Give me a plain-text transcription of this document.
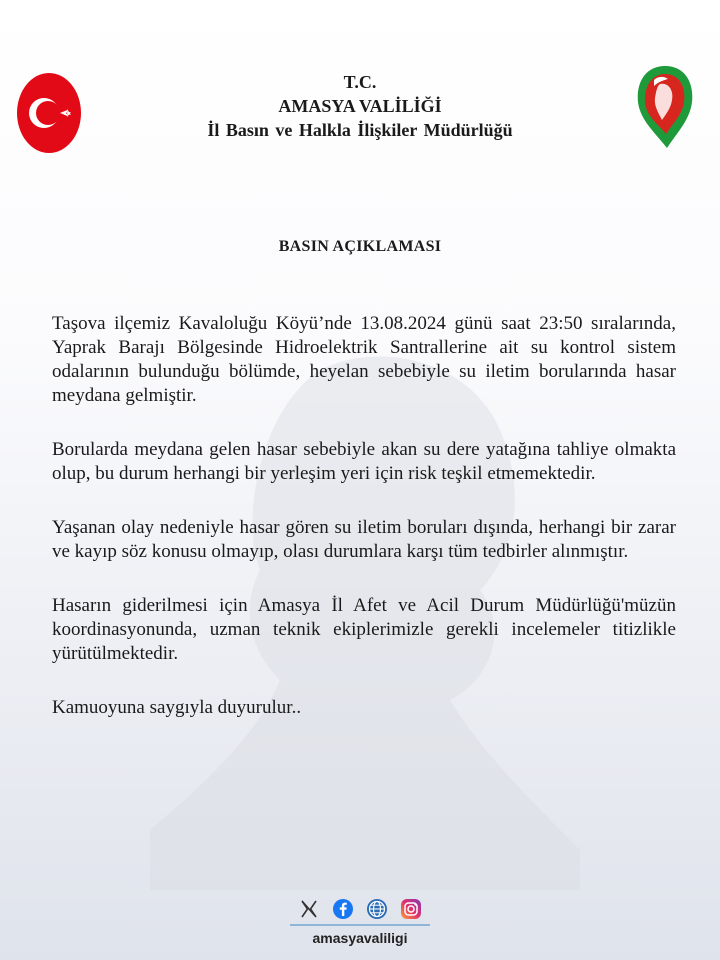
T.C.
AMASYA VALİLİĞİ
İl Basın ve Halkla İlişkiler Müdürlüğü
BASIN AÇIKLAMASI

Taşova ilçemiz Kavaloluğu Köyü’nde 13.08.2024 günü saat 23:50 sıralarında, Yaprak Barajı Bölgesinde Hidroelektrik Santrallerine ait su kontrol sistem odalarının bulunduğu bölümde, heyelan sebebiyle su iletim borularında hasar meydana gelmiştir.

Borularda meydana gelen hasar sebebiyle akan su dere yatağına tahliye olmakta olup, bu durum herhangi bir yerleşim yeri için risk teşkil etmemektedir.

Yaşanan olay nedeniyle hasar gören su iletim boruları dışında, herhangi bir zarar ve kayıp söz konusu olmayıp, olası durumlara karşı tüm tedbirler alınmıştır.

Hasarın giderilmesi için Amasya İl Afet ve Acil Durum Müdürlüğü'müzün koordinasyonunda, uzman teknik ekiplerimizle gerekli incelemeler titizlikle yürütülmektedir.

Kamuoyuna saygıyla duyurulur..

amasyavaliligi
